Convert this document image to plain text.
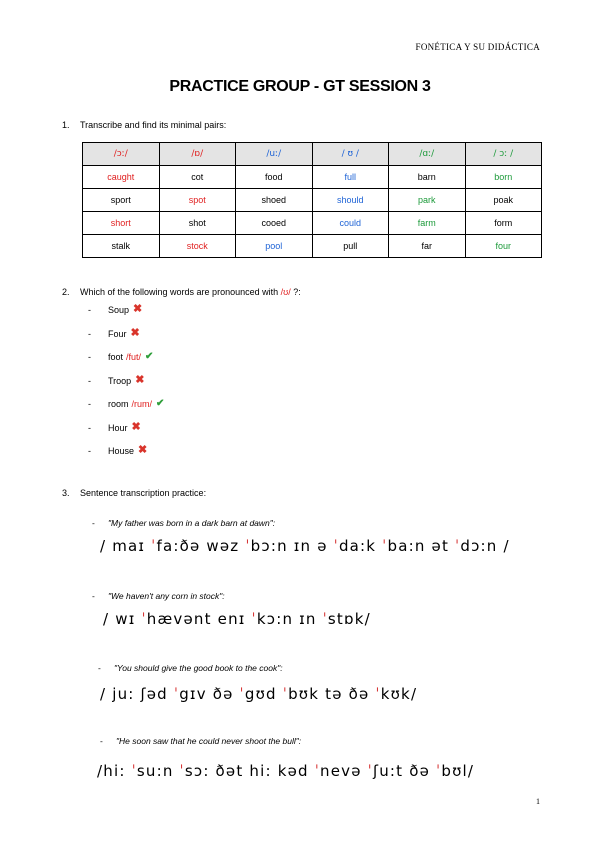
FONÉTICA Y SU DIDÁCTICA
PRACTICE GROUP - GT SESSION 3
1. Transcribe and find its minimal pairs:
/ɔː/	/ɒ/	/uː/	/ ʊ /	/ɑː/	/ ɔː /
caught	cot	food	full	barn	born
sport	spot	shoed	should	park	poak
short	shot	cooed	could	farm	form
stalk	stock	pool	pull	far	four
2. Which of the following words are pronounced with /ʊ/ ?:
-	Soup ✖
-	Four ✖
-	foot /fut/ ✔
-	Troop ✖
-	room /rum/ ✔
-	Hour ✖
-	House ✖
3. Sentence transcription practice:
- "My father was born in a dark barn at dawn":
/ maɪ ˈfa:ðə wəz ˈbɔ:n ɪn ə ˈda:k ˈba:n ət ˈdɔ:n /
- "We haven't any corn in stock":
/ wɪ ˈhævənt enɪ ˈkɔ:n ɪn ˈstɒk/
- "You should give the good book to the cook":
/ ju: ʃəd ˈgɪv ðə ˈgʊd ˈbʊk tə ðə ˈkʊk/
- "He soon saw that he could never shoot the bull":
/hi: ˈsu:n ˈsɔ: ðət hi: kəd ˈnevə ˈʃu:t ðə ˈbʊl/
1
